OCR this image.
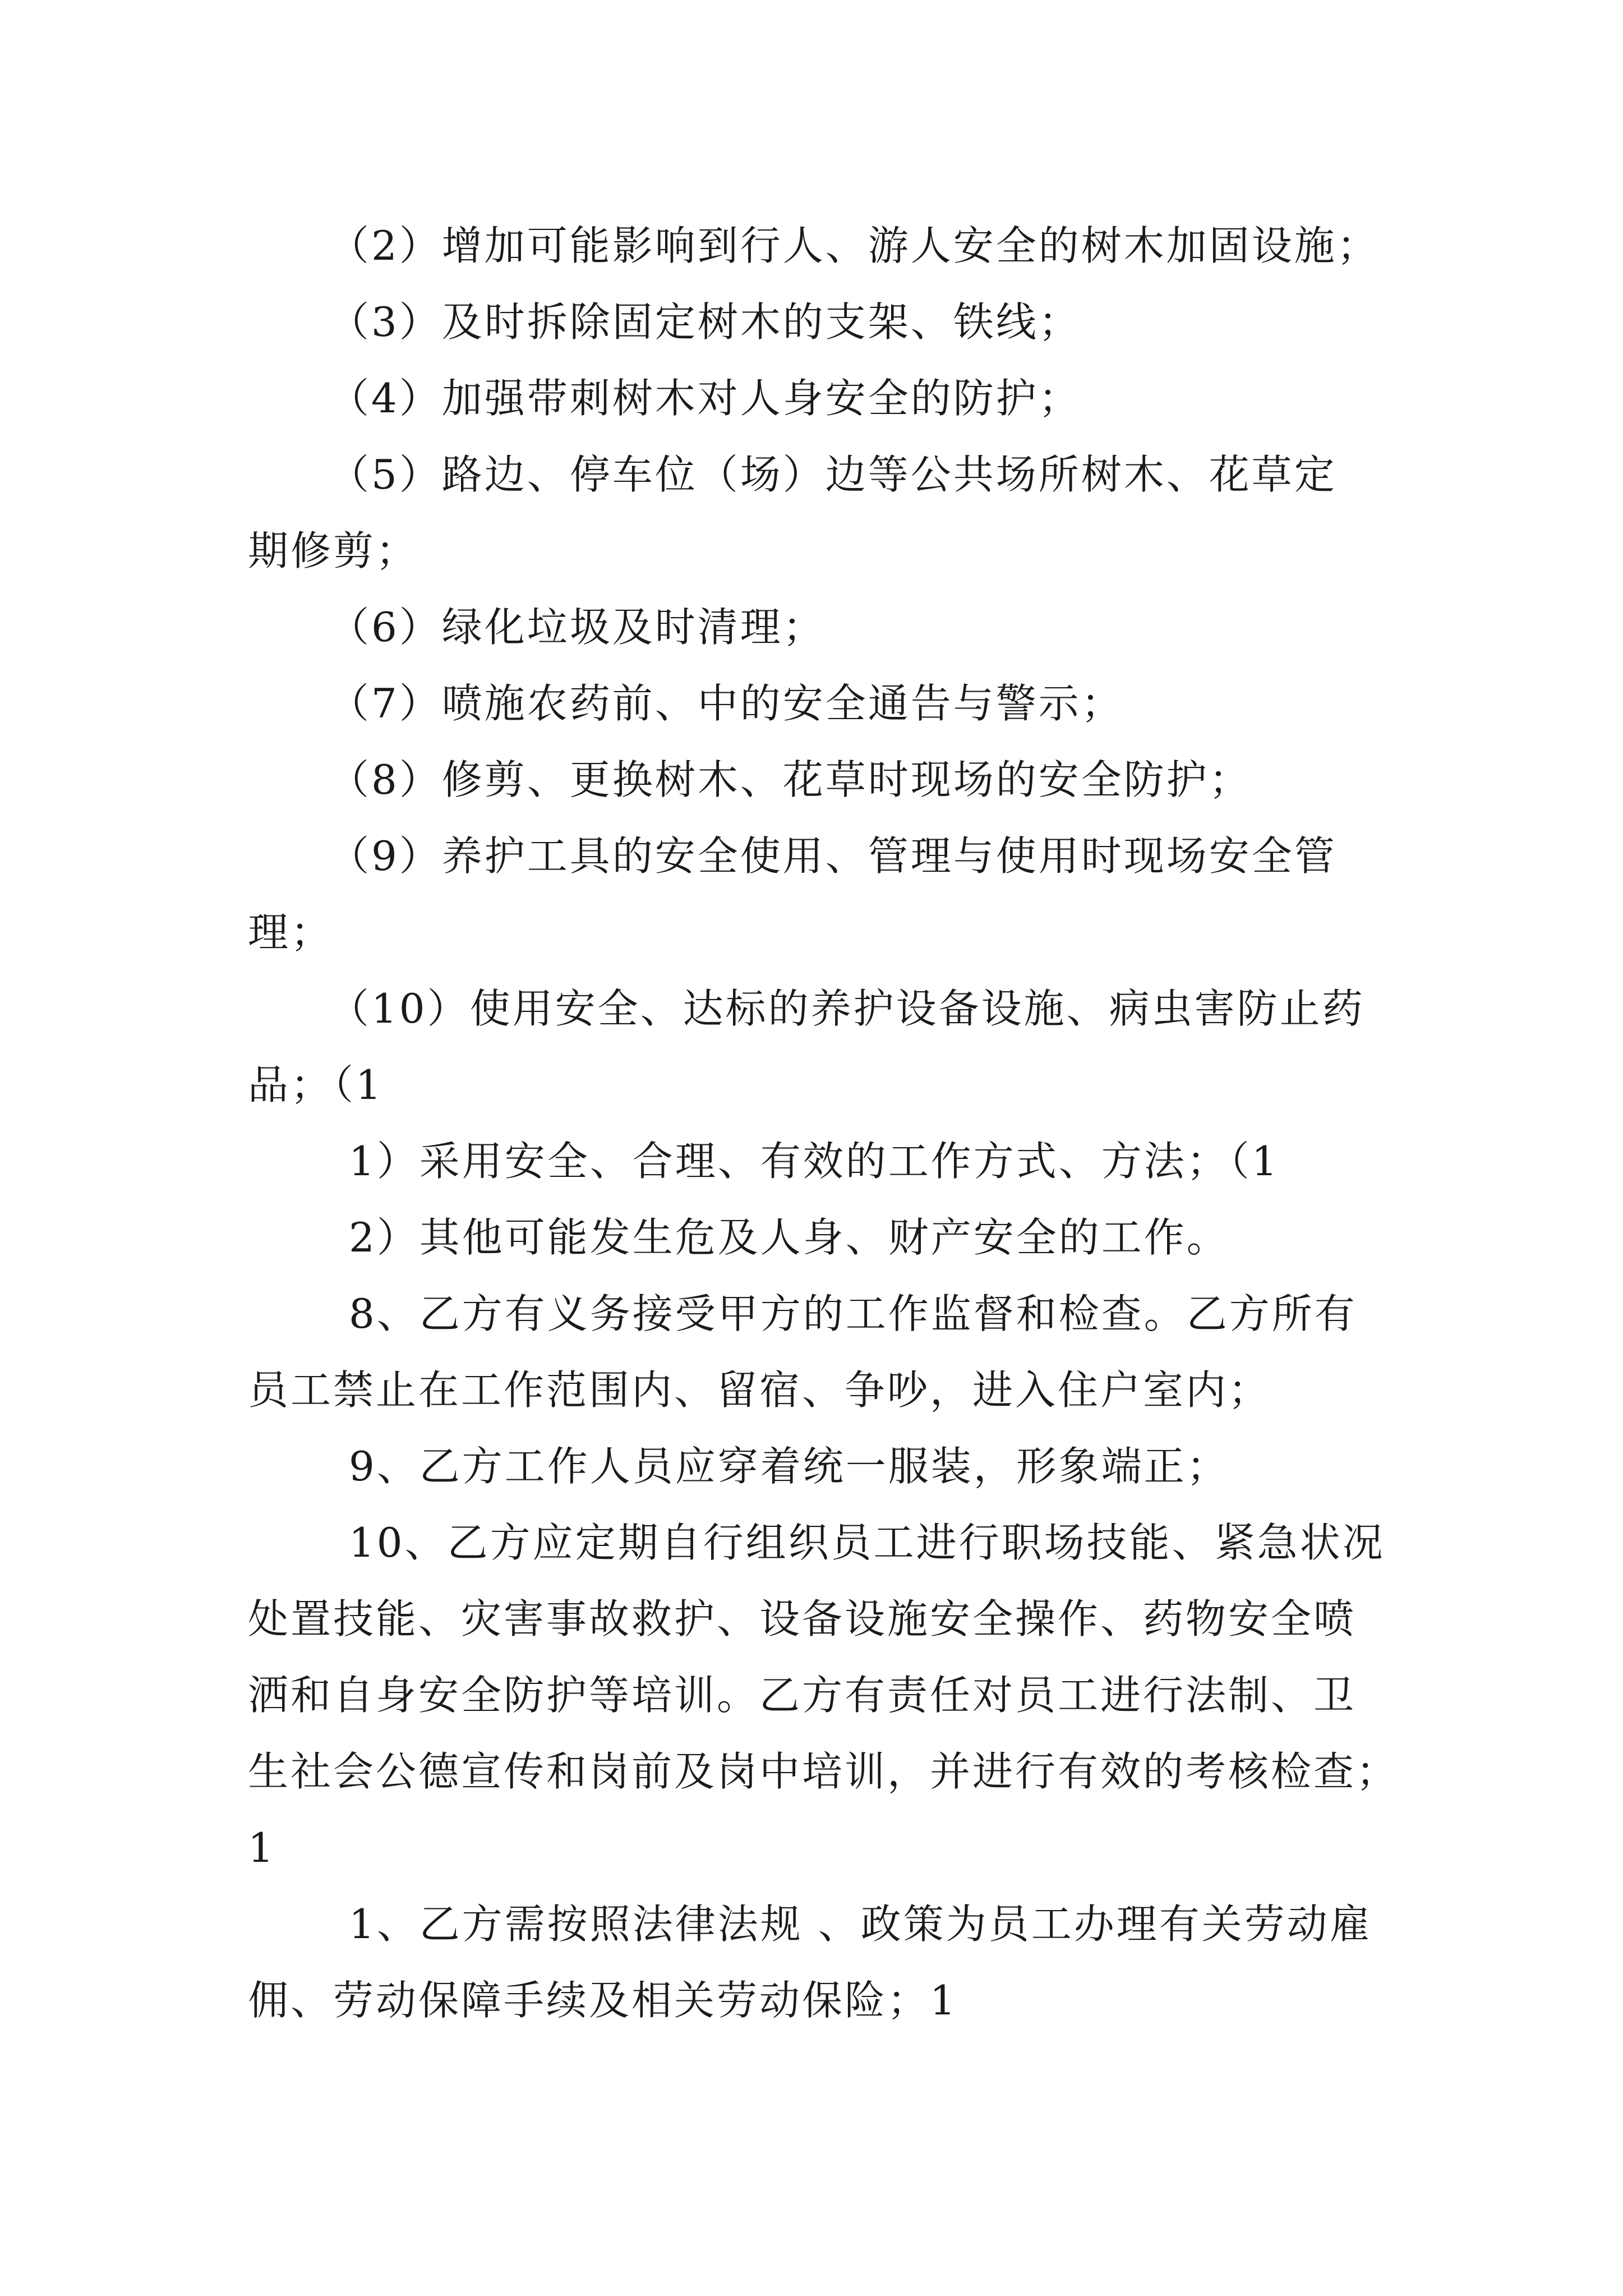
（2）增加可能影响到行人、游人安全的树木加固设施；
（3）及时拆除固定树木的支架、铁线；
（4）加强带刺树木对人身安全的防护；
（5）路边、停车位（场）边等公共场所树木、花草定
期修剪；
（6）绿化垃圾及时清理；
（7）喷施农药前、中的安全通告与警示；
（8）修剪、更换树木、花草时现场的安全防护；
（9）养护工具的安全使用、管理与使用时现场安全管
理；
（10）使用安全、达标的养护设备设施、病虫害防止药
品；（1
1）采用安全、合理、有效的工作方式、方法；（1
2）其他可能发生危及人身、财产安全的工作。
8、乙方有义务接受甲方的工作监督和检查。乙方所有
员工禁止在工作范围内、留宿、争吵，进入住户室内；
9、乙方工作人员应穿着统一服装，形象端正；
10、乙方应定期自行组织员工进行职场技能、紧急状况
处置技能、灾害事故救护、设备设施安全操作、药物安全喷
洒和自身安全防护等培训。乙方有责任对员工进行法制、卫
生社会公德宣传和岗前及岗中培训，并进行有效的考核检查；
1
1、乙方需按照法律法规 、政策为员工办理有关劳动雇
佣、劳动保障手续及相关劳动保险；1
